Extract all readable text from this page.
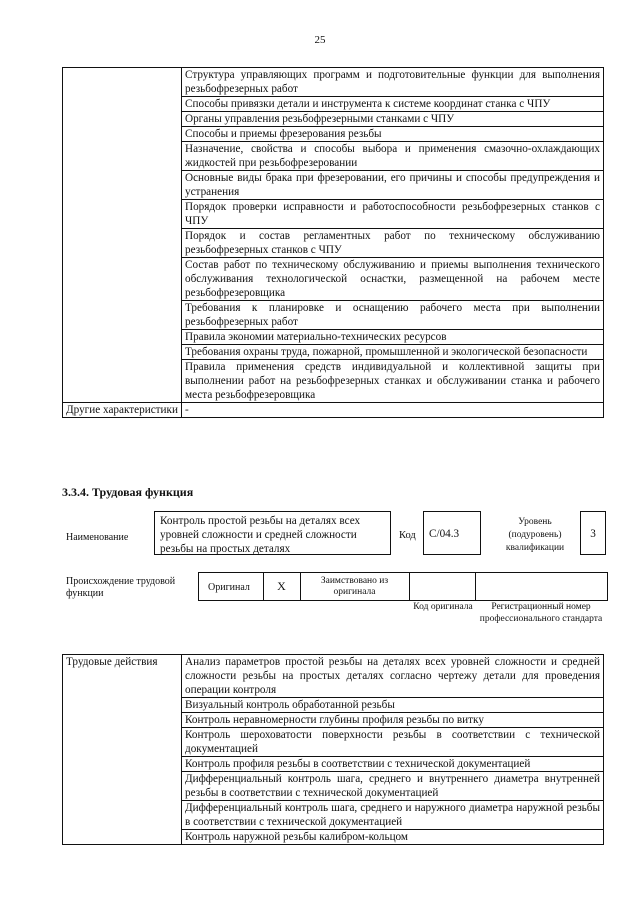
25
	Структура управляющих программ и подготовительные функции для выполнения резьбофрезерных работ
	Способы привязки детали и инструмента к системе координат станка с ЧПУ
	Органы управления резьбофрезерными станками с ЧПУ
	Способы и приемы фрезерования резьбы
	Назначение, свойства и способы выбора и применения смазочно-охлаждающих жидкостей при резьбофрезеровании
	Основные виды брака при фрезеровании, его причины и способы предупреждения и устранения
	Порядок проверки исправности и работоспособности резьбофрезерных станков с ЧПУ
	Порядок и состав регламентных работ по техническому обслуживанию резьбофрезерных станков с ЧПУ
	Состав работ по техническому обслуживанию и приемы выполнения технического обслуживания технологической оснастки, размещенной на рабочем месте резьбофрезеровщика
	Требования к планировке и оснащению рабочего места при выполнении резьбофрезерных работ
	Правила экономии материально-технических ресурсов
	Требования охраны труда, пожарной, промышленной и экологической безопасности
	Правила применения средств индивидуальной и коллективной защиты при выполнении работ на резьбофрезерных станках и обслуживании станка и рабочего места резьбофрезеровщика
Другие характеристики	-
3.3.4. Трудовая функция
Наименование
Контроль простой резьбы на деталях всех уровней сложности и средней сложности резьбы на простых деталях
Код	C/04.3
Уровень (подуровень) квалификации
3
Происхождение трудовой функции
Оригинал	X	Заимствовано из оригинала
Код оригинала	Регистрационный номер профессионального стандарта
Трудовые действия	Анализ параметров простой резьбы на деталях всех уровней сложности и средней сложности резьбы на простых деталях согласно чертежу детали для проведения операции контроля
Визуальный контроль обработанной резьбы
Контроль неравномерности глубины профиля резьбы по витку
Контроль шероховатости поверхности резьбы в соответствии с технической документацией
Контроль профиля резьбы в соответствии с технической документацией
Дифференциальный контроль шага, среднего и внутреннего диаметра внутренней резьбы в соответствии с технической документацией
Дифференциальный контроль шага, среднего и наружного диаметра наружной резьбы в соответствии с технической документацией
Контроль наружной резьбы калибром-кольцом
